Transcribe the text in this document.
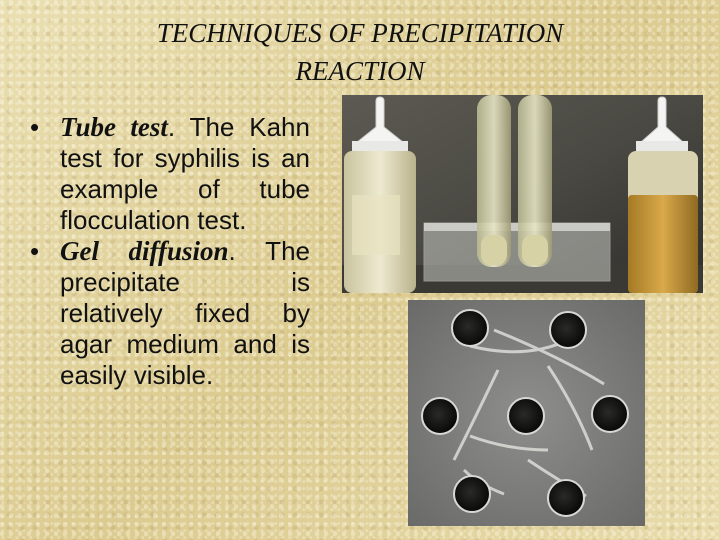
TECHNIQUES OF PRECIPITATION
REACTION
• Tube test. The Kahn test for syphilis is an example of tube flocculation test.
• Gel diffusion. The precipitate is relatively fixed by agar medium and is easily visible.
